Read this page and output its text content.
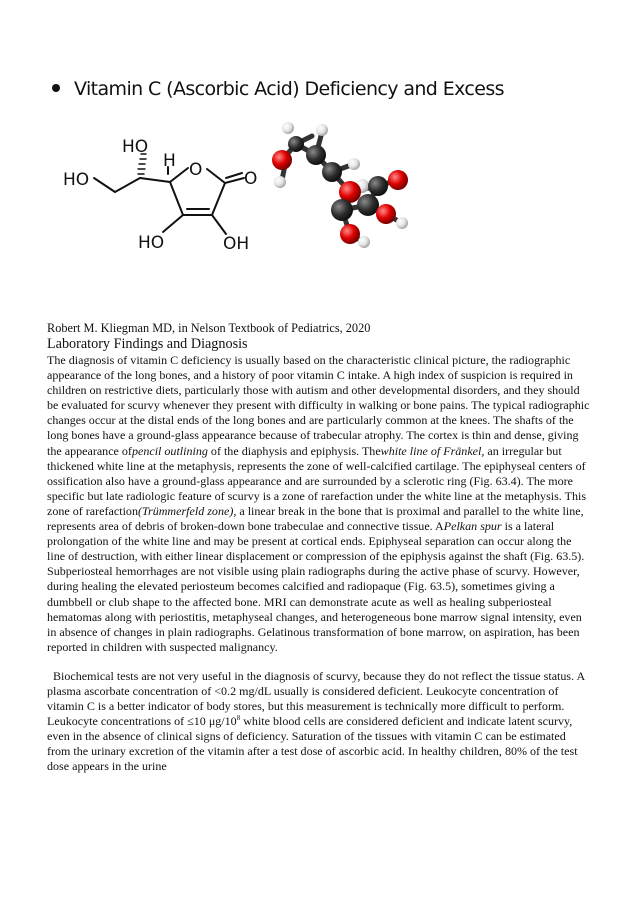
Vitamin C (Ascorbic Acid) Deficiency and Excess
HO
HO
H O O
HO	OH

Robert M. Kliegman MD, in Nelson Textbook of Pediatrics, 2020

Laboratory Findings and Diagnosis

The diagnosis of vitamin C deficiency is usually based on the characteristic clinical picture, the radiographic appearance of the long bones, and a history of poor vitamin C intake. A high index of suspicion is required in children on restrictive diets, particularly those with autism and other developmental disorders, and they should be evaluated for scurvy whenever they present with difficulty in walking or bone pains. The typical radiographic changes occur at the distal ends of the long bones and are particularly common at the knees. The shafts of the long bones have a ground-glass appearance because of trabecular atrophy. The cortex is thin and dense, giving the appearance ofpencil outlining of the diaphysis and epiphysis. Thewhite line of Fränkel, an irregular but thickened white line at the metaphysis, represents the zone of well-calcified cartilage. The epiphyseal centers of ossification also have a ground-glass appearance and are surrounded by a sclerotic ring (Fig. 63.4). The more specific but late radiologic feature of scurvy is a zone of rarefaction under the white line at the metaphysis. This zone of rarefaction(Trümmerfeld zone), a linear break in the bone that is proximal and parallel to the white line, represents area of debris of broken-down bone trabeculae and connective tissue. APelkan spur is a lateral prolongation of the white line and may be present at cortical ends. Epiphyseal separation can occur along the line of destruction, with either linear displacement or compression of the epiphysis against the shaft (Fig. 63.5). Subperiosteal hemorrhages are not visible using plain radiographs during the active phase of scurvy. However, during healing the elevated periosteum becomes calcified and radiopaque (Fig. 63.5), sometimes giving a dumbbell or club shape to the affected bone. MRI can demonstrate acute as well as healing subperiosteal hematomas along with periostitis, metaphyseal changes, and heterogeneous bone marrow signal intensity, even in absence of changes in plain radiographs. Gelatinous transformation of bone marrow, on aspiration, has been reported in children with suspected malignancy.

Biochemical tests are not very useful in the diagnosis of scurvy, because they do not reflect the tissue status. A plasma ascorbate concentration of <0.2 mg/dL usually is considered deficient. Leukocyte concentration of vitamin C is a better indicator of body stores, but this measurement is technically more difficult to perform. Leukocyte concentrations of ≤10 $\mu g/10^8$ white blood cells are considered deficient and indicate latent scurvy, even in the absence of clinical signs of deficiency. Saturation of the tissues with vitamin C can be estimated from the urinary excretion of the vitamin after a test dose of ascorbic acid. In healthy children, 80% of the test dose appears in the urine
